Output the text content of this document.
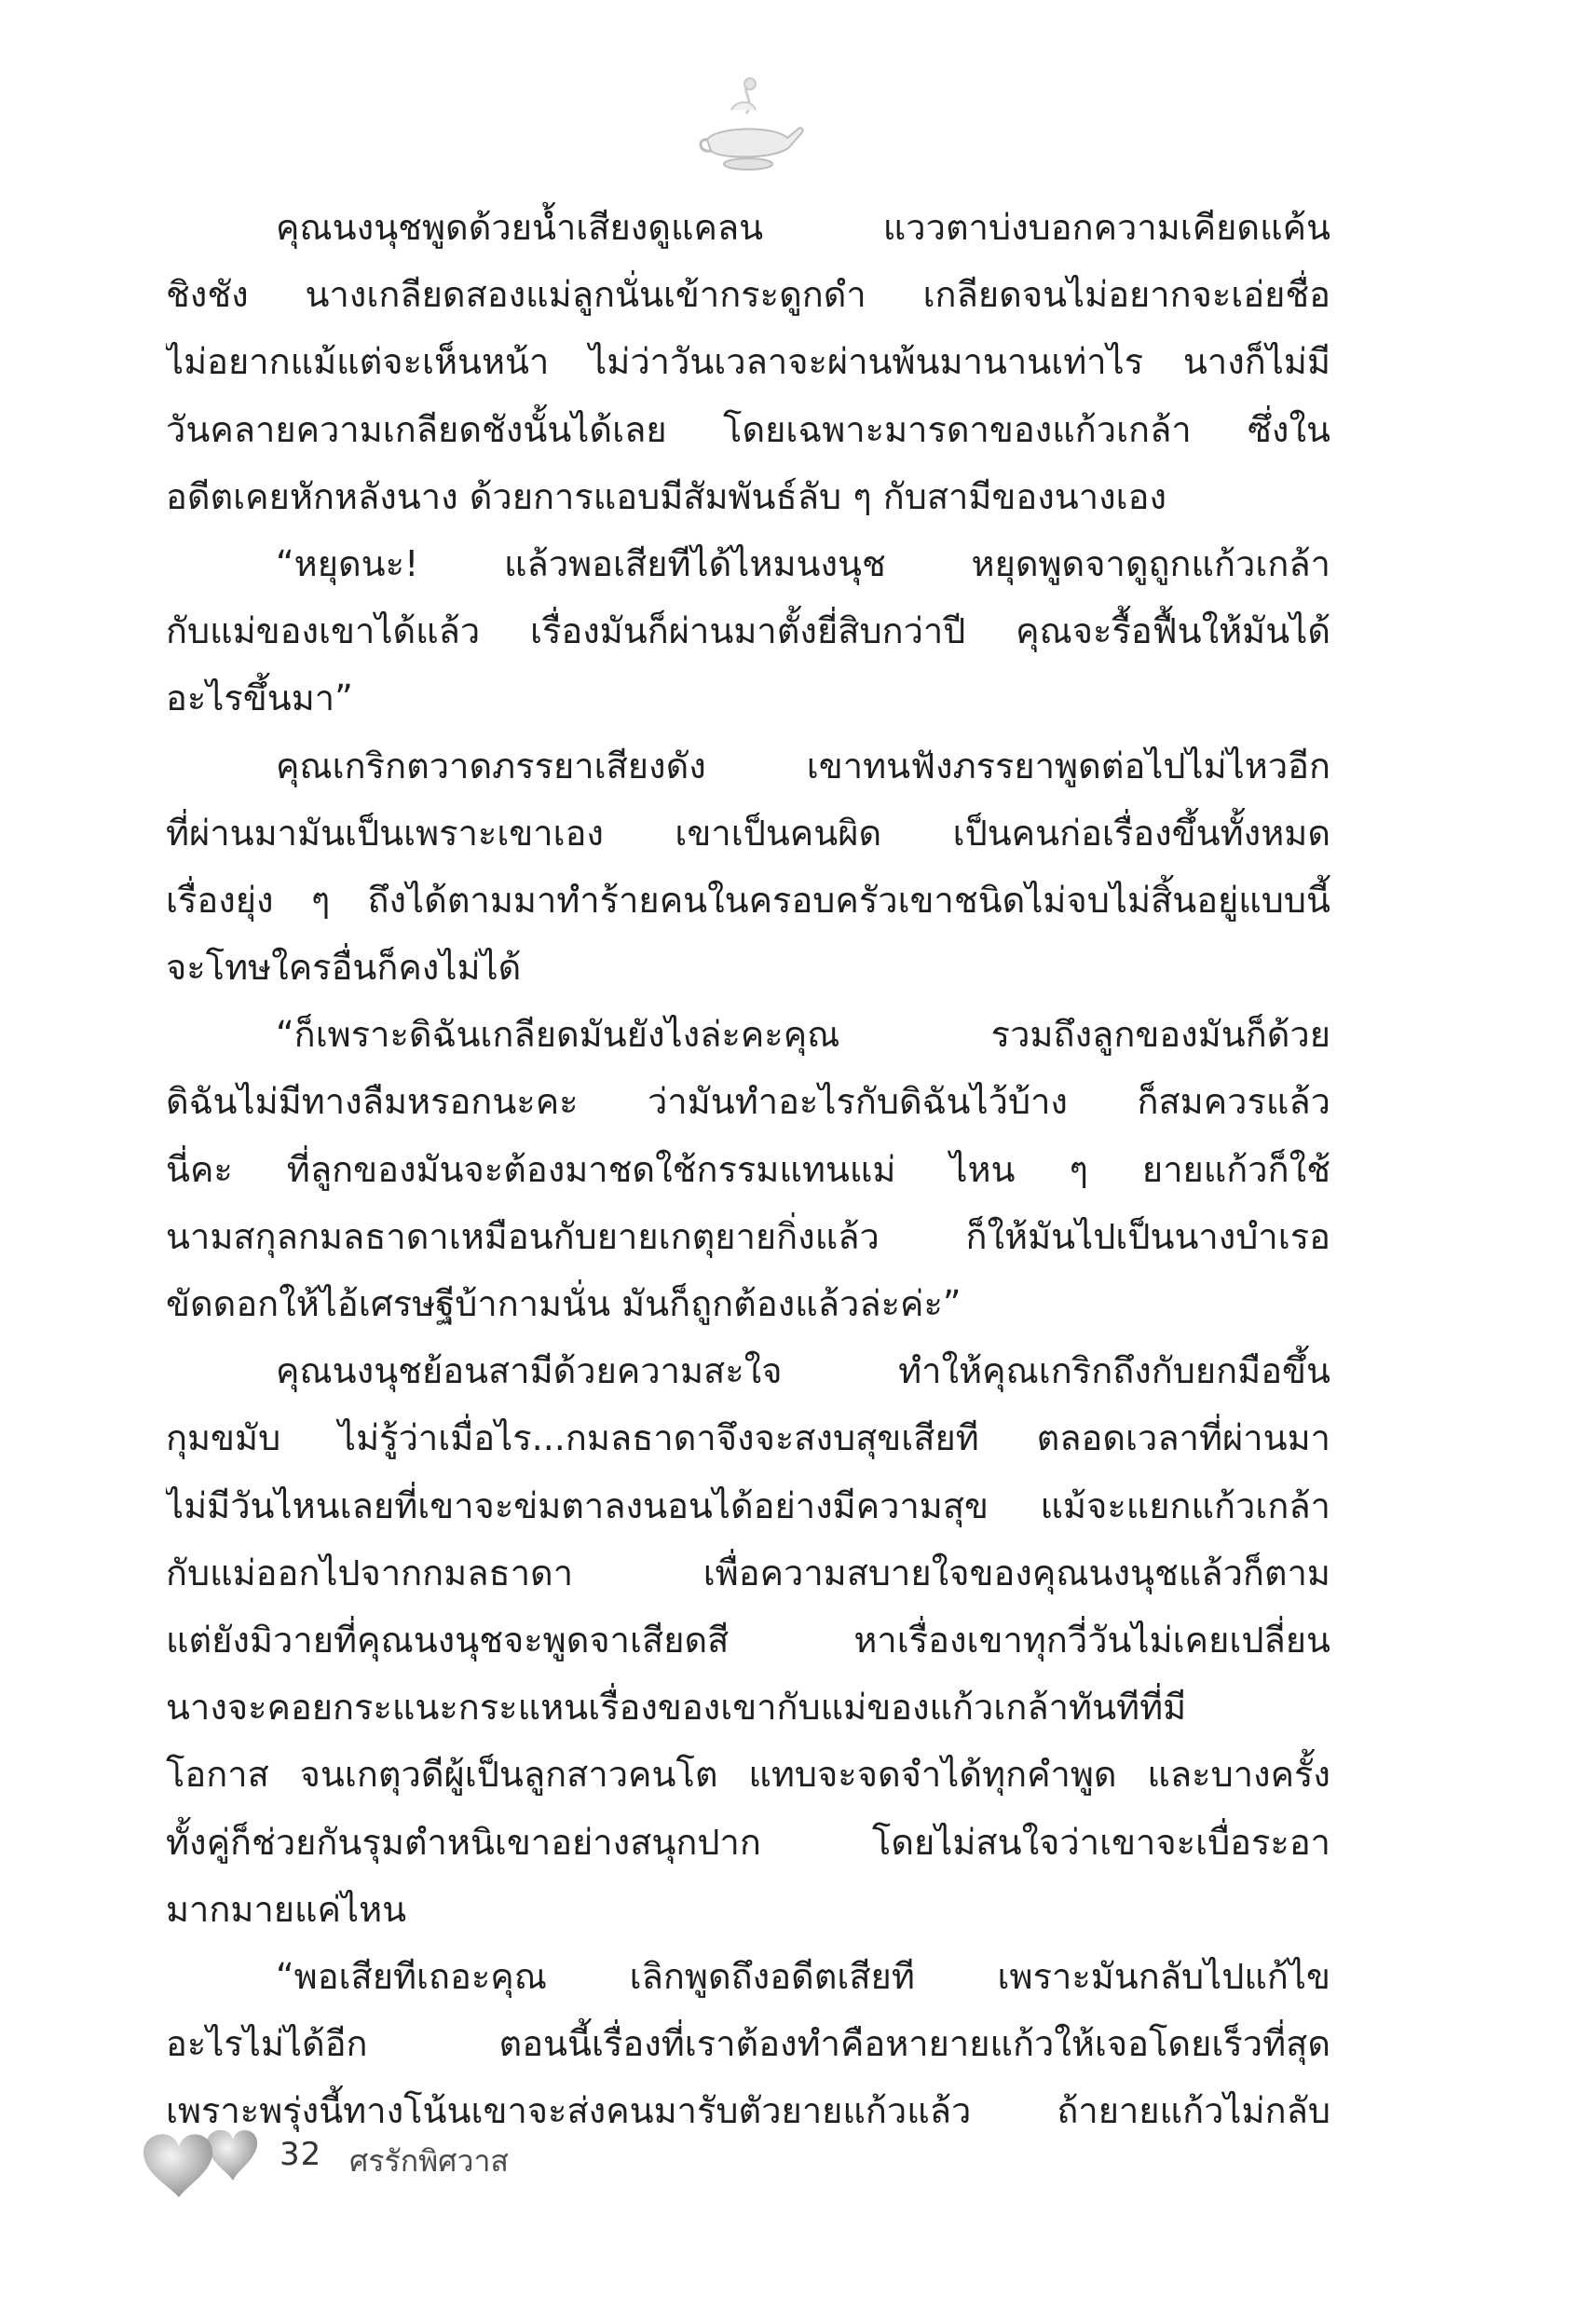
คุณนงนุชพูดด้วยน้ำเสียงดูแคลน แววตาบ่งบอกความเคียดแค้น
ชิงชัง นางเกลียดสองแม่ลูกนั่นเข้ากระดูกดำ เกลียดจนไม่อยากจะเอ่ยชื่อ
ไม่อยากแม้แต่จะเห็นหน้า ไม่ว่าวันเวลาจะผ่านพ้นมานานเท่าไร นางก็ไม่มี
วันคลายความเกลียดชังนั้นได้เลย โดยเฉพาะมารดาของแก้วเกล้า ซึ่งใน
อดีตเคยหักหลังนาง ด้วยการแอบมีสัมพันธ์ลับ ๆ กับสามีของนางเอง
“หยุดนะ! แล้วพอเสียทีได้ไหมนงนุช หยุดพูดจาดูถูกแก้วเกล้า
กับแม่ของเขาได้แล้ว เรื่องมันก็ผ่านมาตั้งยี่สิบกว่าปี คุณจะรื้อฟื้นให้มันได้
อะไรขึ้นมา”
คุณเกริกตวาดภรรยาเสียงดัง เขาทนฟังภรรยาพูดต่อไปไม่ไหวอีก
ที่ผ่านมามันเป็นเพราะเขาเอง เขาเป็นคนผิด เป็นคนก่อเรื่องขึ้นทั้งหมด
เรื่องยุ่ง ๆ ถึงได้ตามมาทำร้ายคนในครอบครัวเขาชนิดไม่จบไม่สิ้นอยู่แบบนี้
จะโทษใครอื่นก็คงไม่ได้
“ก็เพราะดิฉันเกลียดมันยังไงล่ะคะคุณ รวมถึงลูกของมันก็ด้วย
ดิฉันไม่มีทางลืมหรอกนะคะ ว่ามันทำอะไรกับดิฉันไว้บ้าง ก็สมควรแล้ว
นี่คะ ที่ลูกของมันจะต้องมาชดใช้กรรมแทนแม่ ไหน ๆ ยายแก้วก็ใช้
นามสกุลกมลธาดาเหมือนกับยายเกตุยายกิ่งแล้ว ก็ให้มันไปเป็นนางบำเรอ
ขัดดอกให้ไอ้เศรษฐีบ้ากามนั่น มันก็ถูกต้องแล้วล่ะค่ะ”
คุณนงนุชย้อนสามีด้วยความสะใจ ทำให้คุณเกริกถึงกับยกมือขึ้น
กุมขมับ ไม่รู้ว่าเมื่อไร...กมลธาดาจึงจะสงบสุขเสียที ตลอดเวลาที่ผ่านมา
ไม่มีวันไหนเลยที่เขาจะข่มตาลงนอนได้อย่างมีความสุข แม้จะแยกแก้วเกล้า
กับแม่ออกไปจากกมลธาดา เพื่อความสบายใจของคุณนงนุชแล้วก็ตาม
แต่ยังมิวายที่คุณนงนุชจะพูดจาเสียดสี หาเรื่องเขาทุกวี่วันไม่เคยเปลี่ยน
นางจะคอยกระแนะกระแหนเรื่องของเขากับแม่ของแก้วเกล้าทันทีที่มี
โอกาส จนเกตุวดีผู้เป็นลูกสาวคนโต แทบจะจดจำได้ทุกคำพูด และบางครั้ง
ทั้งคู่ก็ช่วยกันรุมตำหนิเขาอย่างสนุกปาก โดยไม่สนใจว่าเขาจะเบื่อระอา
มากมายแค่ไหน
“พอเสียทีเถอะคุณ เลิกพูดถึงอดีตเสียที เพราะมันกลับไปแก้ไข
อะไรไม่ได้อีก ตอนนี้เรื่องที่เราต้องทำคือหายายแก้วให้เจอโดยเร็วที่สุด
เพราะพรุ่งนี้ทางโน้นเขาจะส่งคนมารับตัวยายแก้วแล้ว ถ้ายายแก้วไม่กลับ
32 ศรรักพิศวาส
